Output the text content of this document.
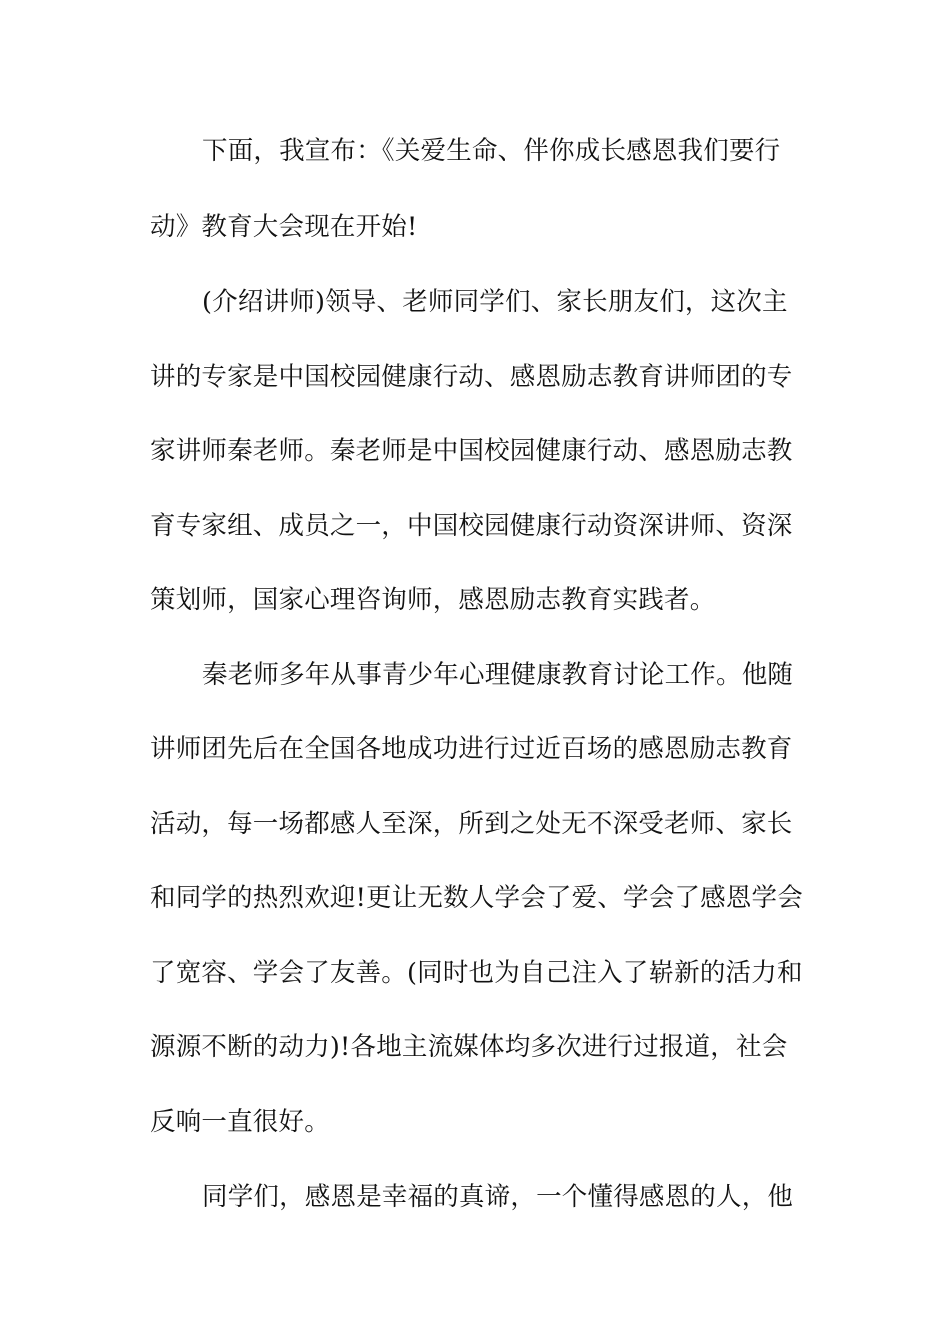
下面，我宣布：《关爱生命、伴你成长感恩我们要行

动》教育大会现在开始!

(介绍讲师)领导、老师同学们、家长朋友们，这次主

讲的专家是中国校园健康行动、感恩励志教育讲师团的专

家讲师秦老师。秦老师是中国校园健康行动、感恩励志教

育专家组、成员之一，中国校园健康行动资深讲师、资深

策划师，国家心理咨询师，感恩励志教育实践者。

秦老师多年从事青少年心理健康教育讨论工作。他随

讲师团先后在全国各地成功进行过近百场的感恩励志教育

活动，每一场都感人至深，所到之处无不深受老师、家长

和同学的热烈欢迎!更让无数人学会了爱、学会了感恩学会

了宽容、学会了友善。(同时也为自己注入了崭新的活力和

源源不断的动力)!各地主流媒体均多次进行过报道，社会

反响一直很好。

同学们，感恩是幸福的真谛，一个懂得感恩的人，他
